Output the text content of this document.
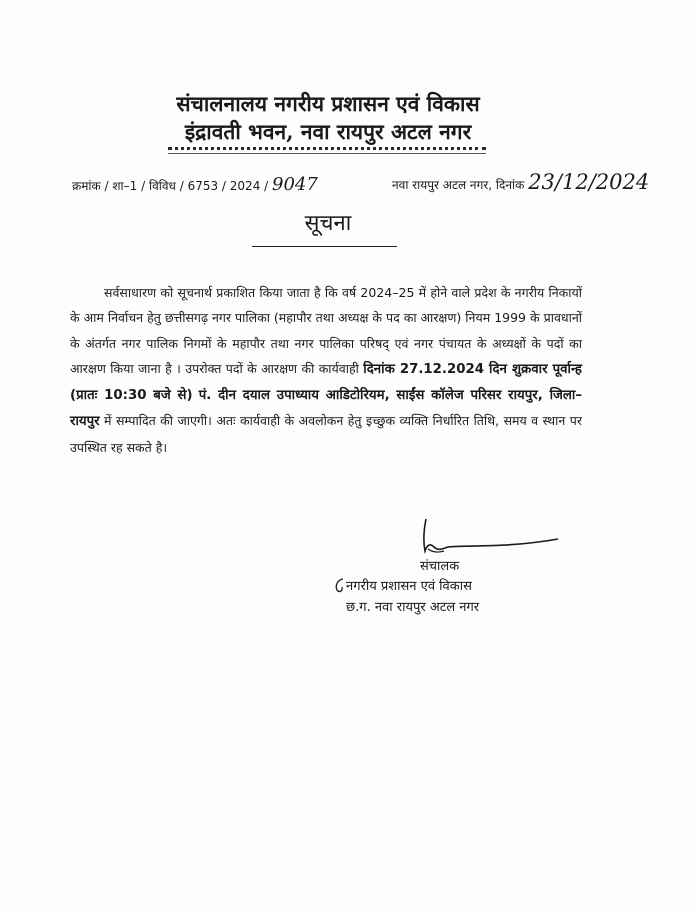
संचालनालय नगरीय प्रशासन एवं विकास
इंद्रावती भवन, नवा रायपुर अटल नगर
क्रमांक / शा–1 / विविध / 6753 / 2024 / 9047	नवा रायपुर अटल नगर, दिनांक 23/12/2024
सूचना
सर्वसाधारण को सूचनार्थ प्रकाशित किया जाता है कि वर्ष 2024–25 में होने वाले प्रदेश के नगरीय निकायों के आम निर्वाचन हेतु छत्तीसगढ़ नगर पालिका (महापौर तथा अध्यक्ष के पद का आरक्षण) नियम 1999 के प्रावधानों के अंतर्गत नगर पालिक निगमों के महापौर तथा नगर पालिका परिषद् एवं नगर पंचायत के अध्यक्षों के पदों का आरक्षण किया जाना है । उपरोक्त पदों के आरक्षण की कार्यवाही दिनांक 27.12.2024 दिन शुक्रवार पूर्वान्ह (प्रातः 10:30 बजे से) पं. दीन दयाल उपाध्याय आडिटोरियम, साईंस कॉलेज परिसर रायपुर, जिला–रायपुर में सम्पादित की जाएगी। अतः कार्यवाही के अवलोकन हेतु इच्छुक व्यक्ति निर्धारित तिथि, समय व स्थान पर उपस्थित रह सकते है।
संचालक
नगरीय प्रशासन एवं विकास
छ.ग. नवा रायपुर अटल नगर
